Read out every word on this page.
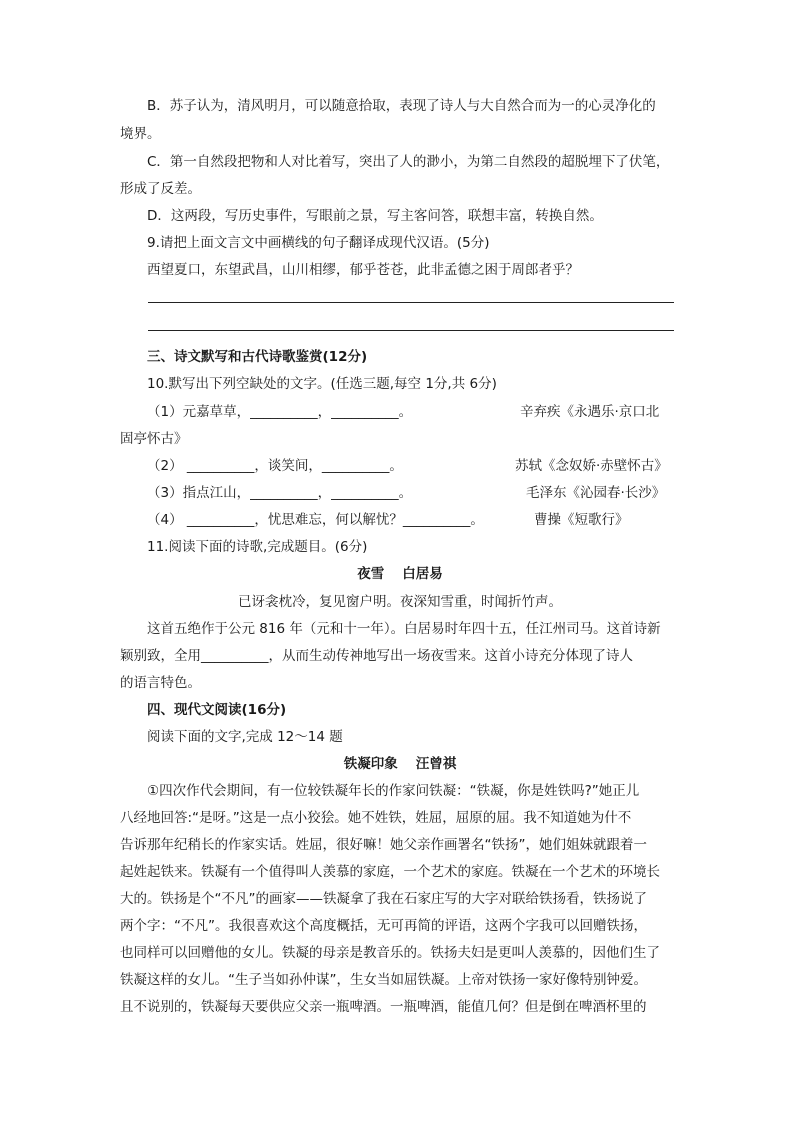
B．苏子认为，清风明月，可以随意拾取，表现了诗人与大自然合而为一的心灵净化的
境界。
C．第一自然段把物和人对比着写，突出了人的渺小，为第二自然段的超脱埋下了伏笔，
形成了反差。
D．这两段，写历史事件，写眼前之景，写主客问答，联想丰富，转换自然。
9.请把上面文言文中画横线的句子翻译成现代汉语。(5分)
西望夏口，东望武昌，山川相缪，郁乎苍苍，此非孟德之困于周郎者乎？
三、诗文默写和古代诗歌鉴赏(12分)
10.默写出下列空缺处的文字。(任选三题,每空 1分,共 6分)
（1）元嘉草草，__________，__________。	辛弃疾《永遇乐·京口北
固亭怀古》
（2） __________，谈笑间，__________。	苏轼《念奴娇·赤壁怀古》
（3）指点江山，__________，__________。	毛泽东《沁园春·长沙》
（4） __________，忧思难忘，何以解忧？__________。	曹操《短歌行》
11.阅读下面的诗歌,完成题目。(6分)
夜雪 白居易
已讶衾枕冷，复见窗户明。夜深知雪重，时闻折竹声。
这首五绝作于公元 816 年（元和十一年）。白居易时年四十五，任江州司马。这首诗新
颖别致，全用__________，从而生动传神地写出一场夜雪来。这首小诗充分体现了诗人
的语言特色。
四、现代文阅读(16分)
阅读下面的文字,完成 12～14 题
铁凝印象 汪曾祺
①四次作代会期间，有一位较铁凝年长的作家问铁凝：“铁凝，你是姓铁吗?”她正儿
八经地回答:“是呀。”这是一点小狡狯。她不姓铁，姓屈，屈原的屈。我不知道她为什不
告诉那年纪稍长的作家实话。姓屈，很好嘛！她父亲作画署名“铁扬”，她们姐妹就跟着一
起姓起铁来。铁凝有一个值得叫人羡慕的家庭，一个艺术的家庭。铁凝在一个艺术的环境长
大的。铁扬是个“不凡”的画家——铁凝拿了我在石家庄写的大字对联给铁扬看，铁扬说了
两个字：“不凡”。我很喜欢这个高度概括，无可再简的评语，这两个字我可以回赠铁扬，
也同样可以回赠他的女儿。铁凝的母亲是教音乐的。铁扬夫妇是更叫人羡慕的，因他们生了
铁凝这样的女儿。“生子当如孙仲谋”，生女当如屈铁凝。上帝对铁扬一家好像特别钟爱。
且不说别的，铁凝每天要供应父亲一瓶啤酒。一瓶啤酒，能值几何？但是倒在啤酒杯里的
